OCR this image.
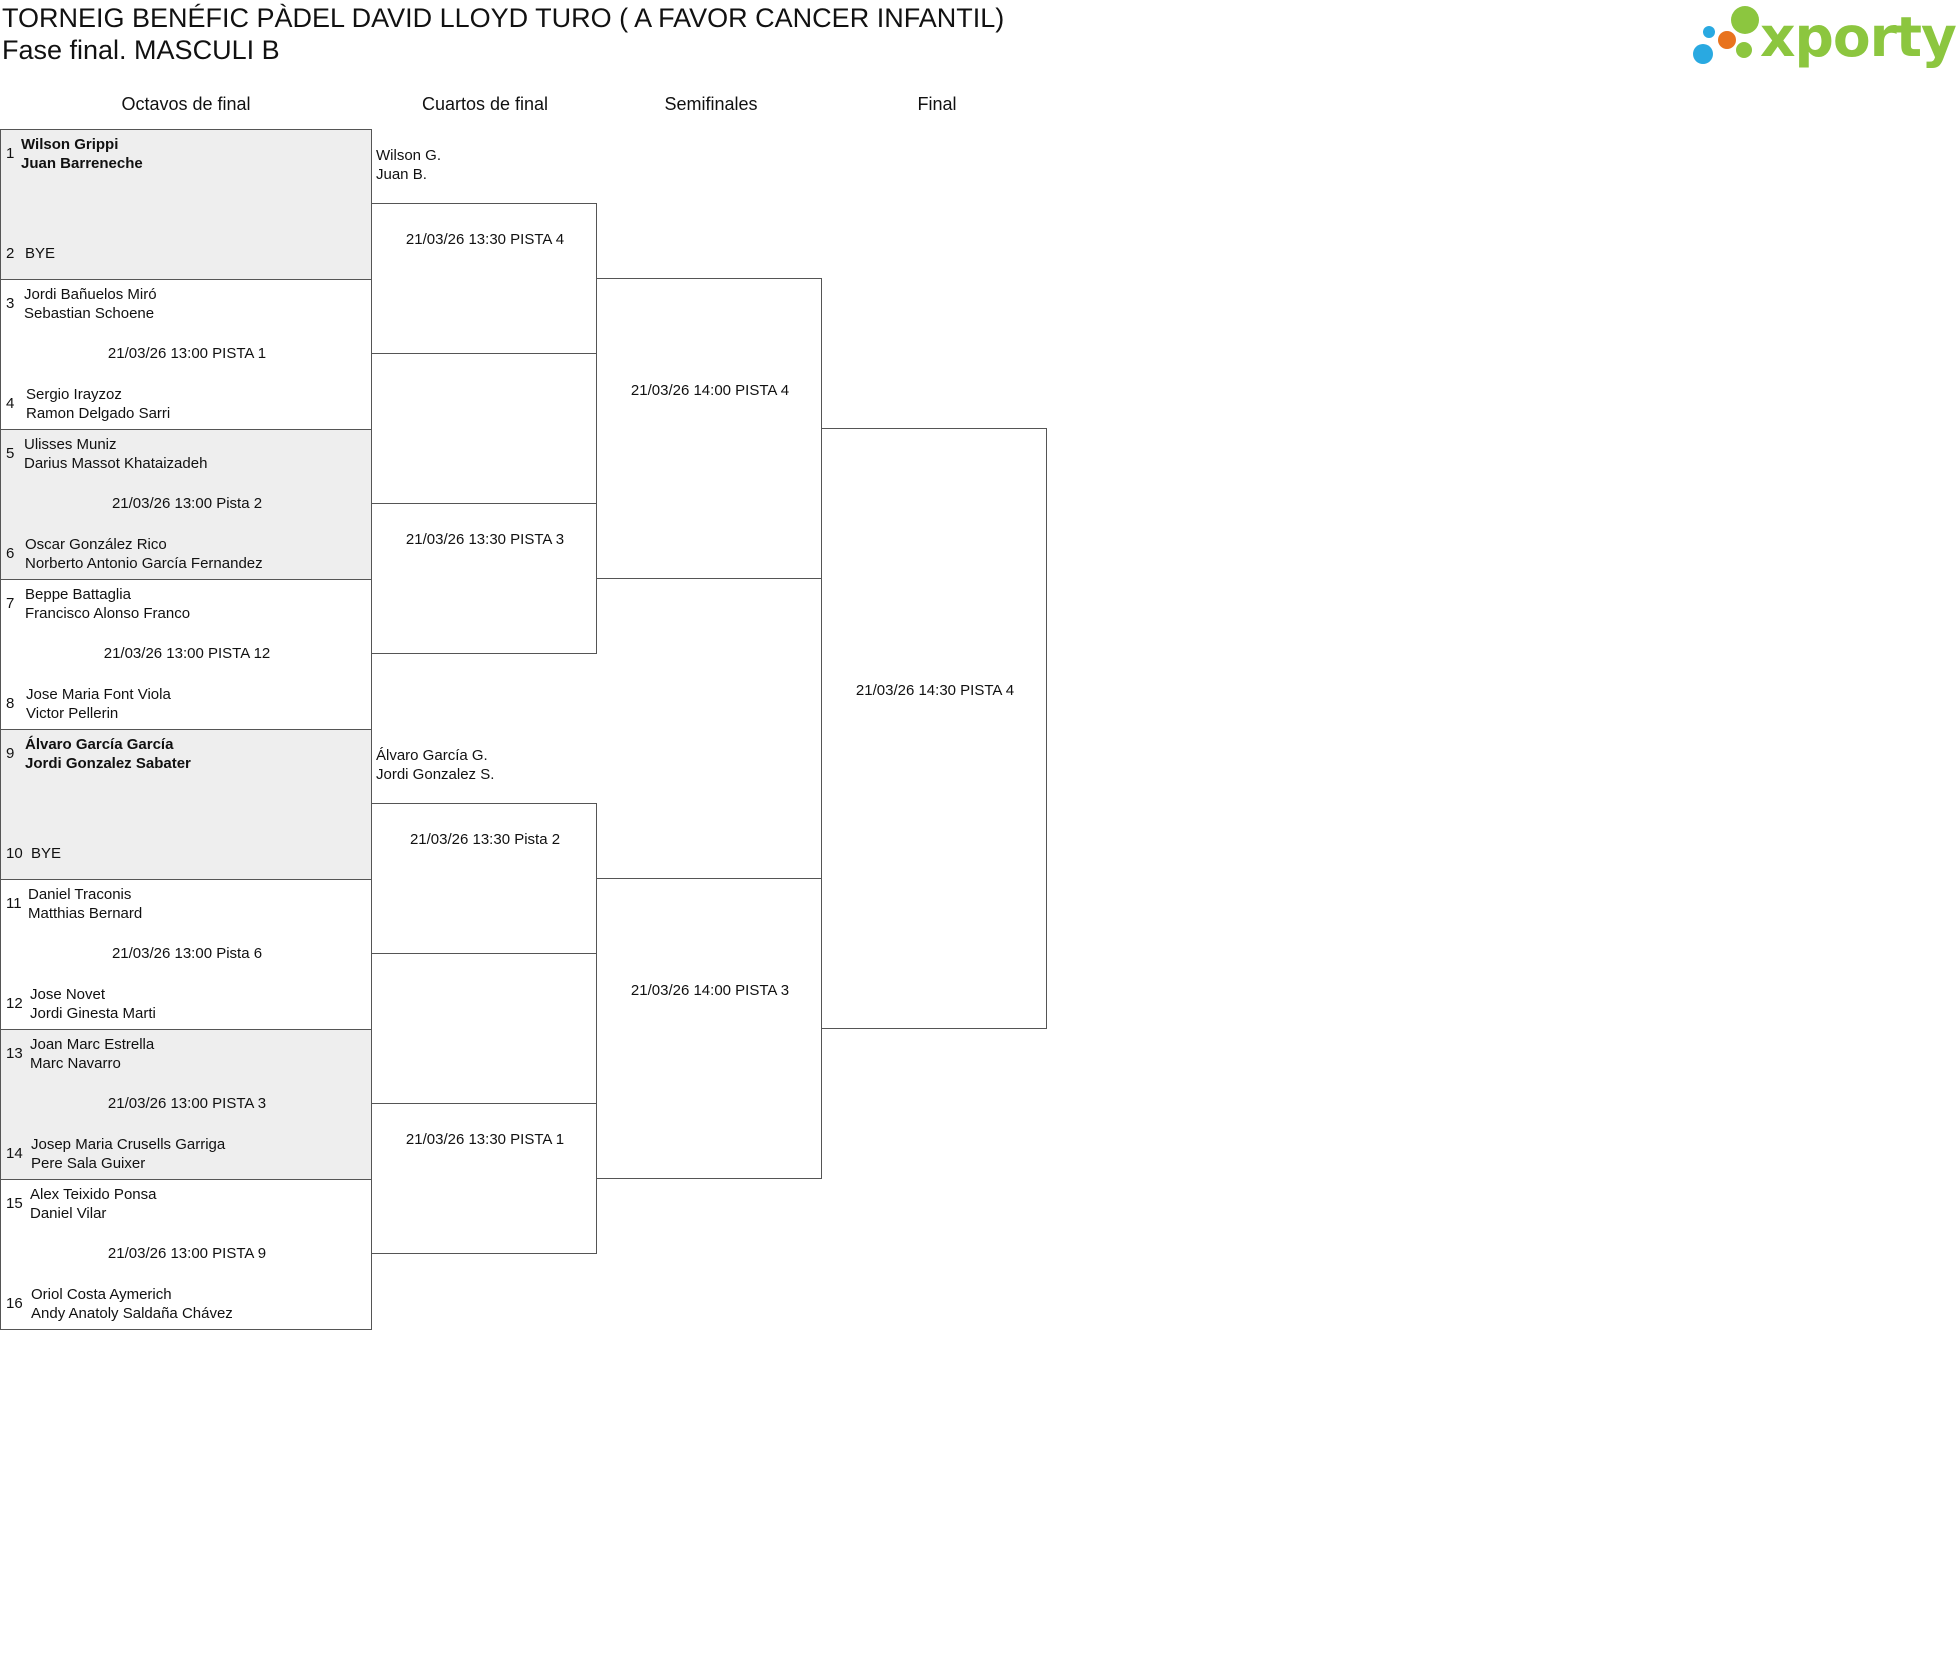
TORNEIG BENÉFIC PÀDEL DAVID LLOYD TURO ( A FAVOR CANCER INFANTIL)
Fase final. MASCULI B	xporty
Octavos de final	Cuartos de final	Semifinales	Final
1
Wilson Grippi
Juan Barreneche
2 BYE
3
Jordi Bañuelos Miró
Sebastian Schoene
21/03/26 13:00 PISTA 1
4
Sergio Irayzoz
Ramon Delgado Sarri
5
Ulisses Muniz
Darius Massot Khataizadeh
21/03/26 13:00 Pista 2
6
Oscar González Rico
Norberto Antonio García Fernandez
7
Beppe Battaglia
Francisco Alonso Franco
21/03/26 13:00 PISTA 12
8
Jose Maria Font Viola
Victor Pellerin
9
Álvaro García García
Jordi Gonzalez Sabater
10 BYE
11
Daniel Traconis
Matthias Bernard
21/03/26 13:00 Pista 6
12
Jose Novet
Jordi Ginesta Marti
13
Joan Marc Estrella
Marc Navarro
21/03/26 13:00 PISTA 3
14
Josep Maria Crusells Garriga
Pere Sala Guixer
15
Alex Teixido Ponsa
Daniel Vilar
21/03/26 13:00 PISTA 9
16
Oriol Costa Aymerich
Andy Anatoly Saldaña Chávez
Wilson G.
Juan B.
Álvaro García G.
Jordi Gonzalez S.
21/03/26 13:30 PISTA 4
21/03/26 13:30 PISTA 3
21/03/26 13:30 Pista 2
21/03/26 13:30 PISTA 1
21/03/26 14:00 PISTA 4
21/03/26 14:00 PISTA 3
21/03/26 14:30 PISTA 4
